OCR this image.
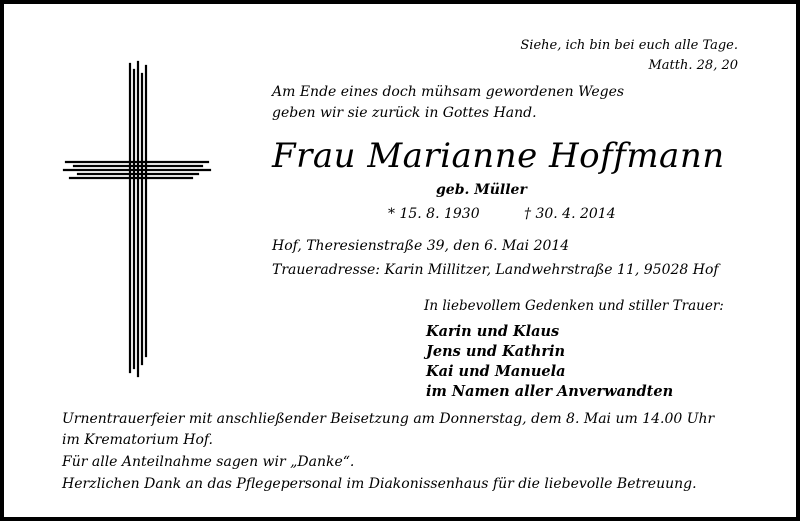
Siehe, ich bin bei euch alle Tage.
Matth. 28, 20
Am Ende eines doch mühsam gewordenen Weges
geben wir sie zurück in Gottes Hand.
Frau Marianne Hoffmann
geb. Müller
* 15. 8. 1930	† 30. 4. 2014
Hof, Theresienstraße 39, den 6. Mai 2014
Traueradresse: Karin Millitzer, Landwehrstraße 11, 95028 Hof
In liebevollem Gedenken und stiller Trauer:
Karin und Klaus
Jens und Kathrin
Kai und Manuela
im Namen aller Anverwandten
Urnentrauerfeier mit anschließender Beisetzung am Donnerstag, dem 8. Mai um 14.00 Uhr
im Krematorium Hof.
Für alle Anteilnahme sagen wir „Danke“.
Herzlichen Dank an das Pflegepersonal im Diakonissenhaus für die liebevolle Betreuung.
